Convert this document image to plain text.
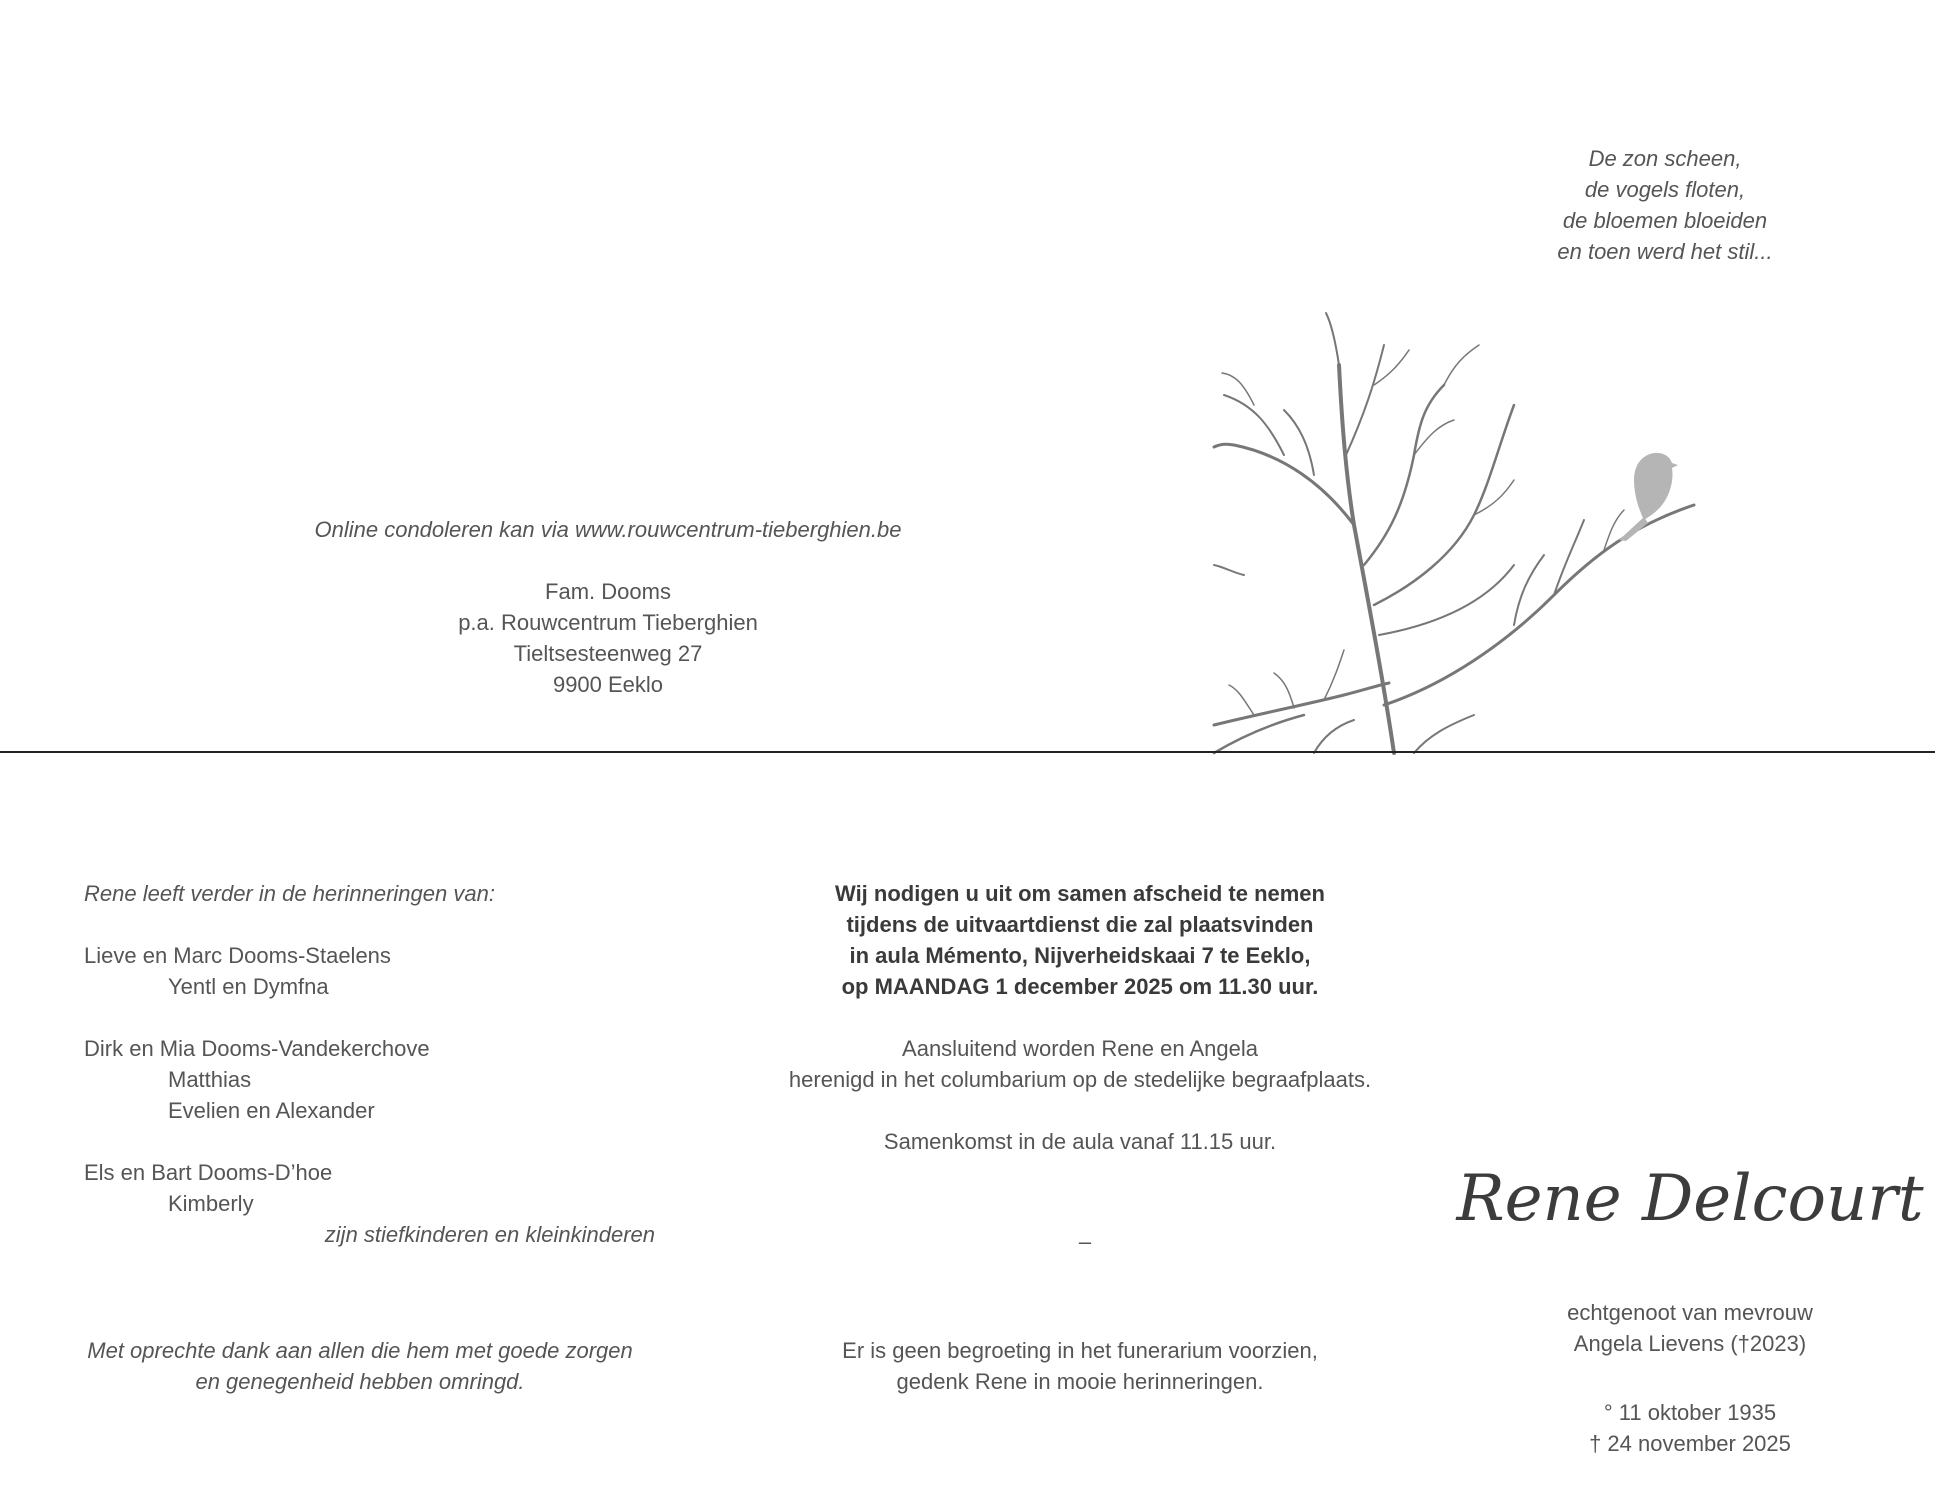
De zon scheen,
de vogels floten,
de bloemen bloeiden
en toen werd het stil...
Online condoleren kan via www.rouwcentrum-tieberghien.be
Fam. Dooms
p.a. Rouwcentrum Tieberghien
Tieltsesteenweg 27
9900 Eeklo
Rene leeft verder in de herinneringen van:
Lieve en Marc Dooms-Staelens
Yentl en Dymfna
Dirk en Mia Dooms-Vandekerchove
Matthias
Evelien en Alexander
Els en Bart Dooms-D’hoe
Kimberly
zijn stiefkinderen en kleinkinderen
Met oprechte dank aan allen die hem met goede zorgen
en genegenheid hebben omringd.
Wij nodigen u uit om samen afscheid te nemen
tijdens de uitvaartdienst die zal plaatsvinden
in aula Mémento, Nijverheidskaai 7 te Eeklo,
op MAANDAG 1 december 2025 om 11.30 uur.
Aansluitend worden Rene en Angela
herenigd in het columbarium op de stedelijke begraafplaats.
Samenkomst in de aula vanaf 11.15 uur.
–
Er is geen begroeting in het funerarium voorzien,
gedenk Rene in mooie herinneringen.
Rene Delcourt
echtgenoot van mevrouw
Angela Lievens (†2023)
° 11 oktober 1935
† 24 november 2025
